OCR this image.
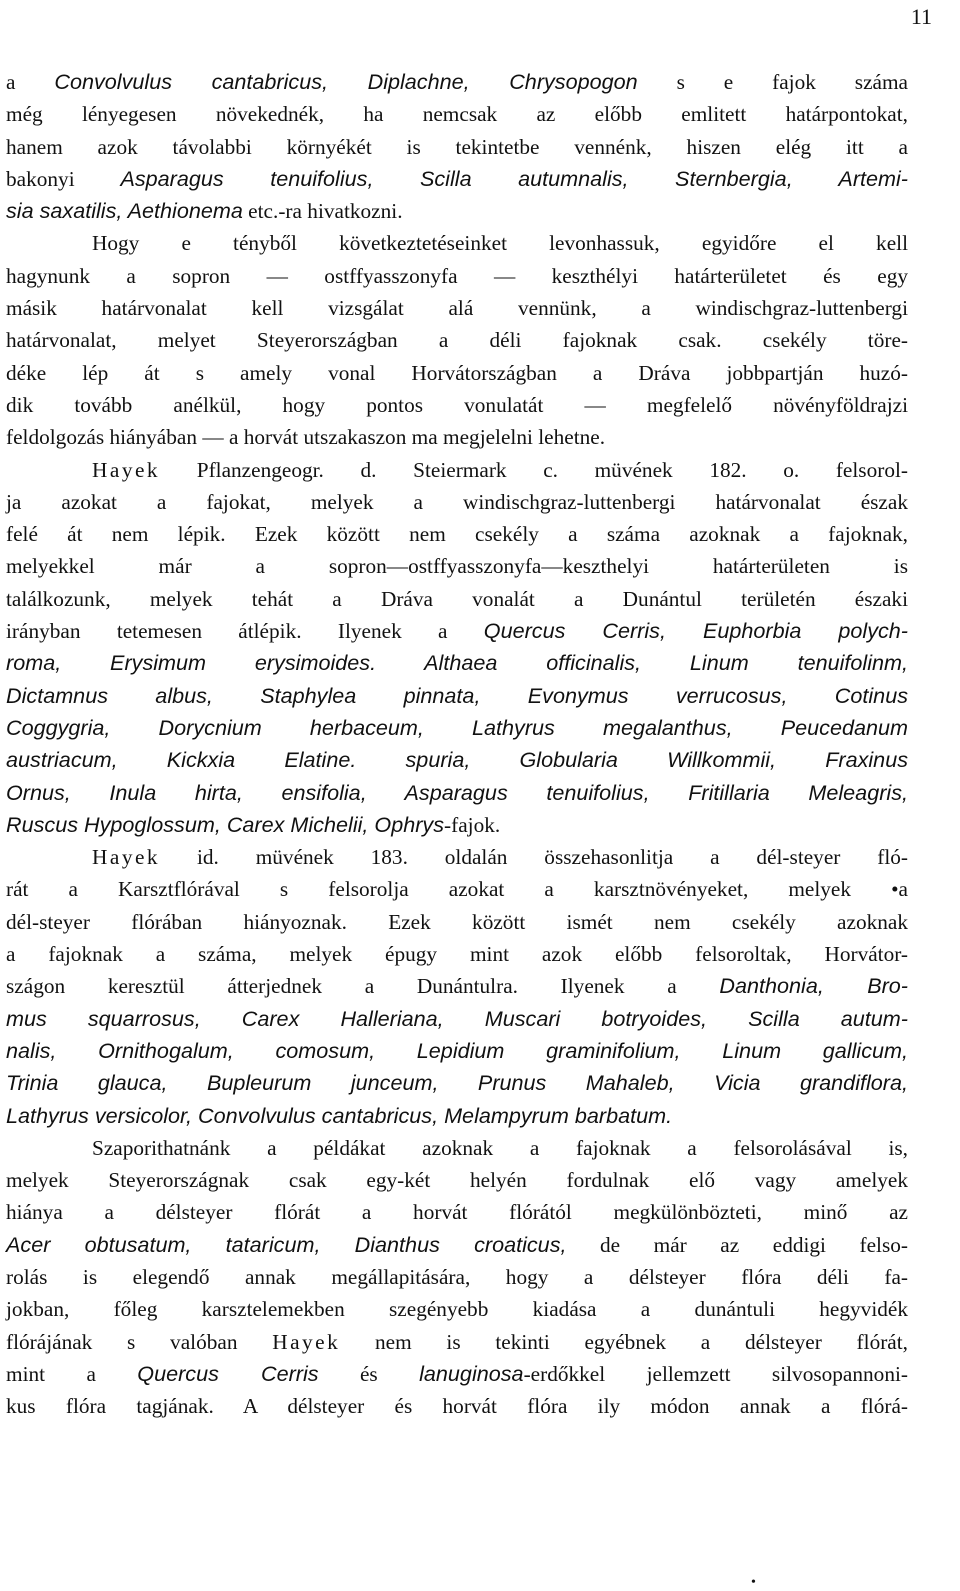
11
a Convolvulus cantabricus, Diplachne, Chrysopogon s e fajok száma
még lényegesen növekednék, ha nemcsak az előbb emlitett határpontokat,
hanem azok távolabbi környékét is tekintetbe vennénk, hiszen elég itt a
bakonyi Asparagus tenuifolius, Scilla autumnalis, Sternbergia, Artemi-
sia saxatilis, Aethionema etc.-ra hivatkozni.
Hogy e tényből következtetéseinket levonhassuk, egyidőre el kell
hagynunk a sopron — ostffyasszonyfa — keszthélyi határterületet és egy
másik határvonalat kell vizsgálat alá vennünk, a windischgraz-luttenbergi
határvonalat, melyet Steyerországban a déli fajoknak csak. csekély töre-
déke lép át s amely vonal Horvátországban a Dráva jobbpartján huzó-
dik tovább anélkül, hogy pontos vonulatát — megfelelő növényföldrajzi
feldolgozás hiányában — a horvát utszakaszon ma megjelelni lehetne.
Hayek Pflanzengeogr. d. Steiermark c. müvének 182. o. felsorol-
ja azokat a fajokat, melyek a windischgraz-luttenbergi határvonalat észak
felé át nem lépik. Ezek között nem csekély a száma azoknak a fajoknak,
melyekkel már a sopron—ostffyasszonyfa—keszthelyi határterületen is
találkozunk, melyek tehát a Dráva vonalát a Dunántul területén északi
irányban tetemesen átlépik. Ilyenek a Quercus Cerris, Euphorbia polych-
roma, Erysimum erysimoides. Althaea officinalis, Linum tenuifolinm,
Dictamnus albus, Staphylea pinnata, Evonymus verrucosus, Cotinus
Coggygria, Dorycnium herbaceum, Lathyrus megalanthus, Peucedanum
austriacum, Kickxia Elatine. spuria, Globularia Willkommii, Fraxinus
Ornus, Inula hirta, ensifolia, Asparagus tenuifolius, Fritillaria Meleagris,
Ruscus Hypoglossum, Carex Michelii, Ophrys-fajok.
Hayek id. müvének 183. oldalán összehasonlitja a dél-steyer fló-
rát a Karsztflórával s felsorolja azokat a karsztnövényeket, melyek •a
dél-steyer flórában hiányoznak. Ezek között ismét nem csekély azoknak
a fajoknak a száma, melyek épugy mint azok előbb felsoroltak, Horvátor-
szágon keresztül átterjednek a Dunántulra. Ilyenek a Danthonia, Bro-
mus squarrosus, Carex Halleriana, Muscari botryoides, Scilla autum-
nalis, Ornithogalum, comosum, Lepidium graminifolium, Linum gallicum,
Trinia glauca, Bupleurum junceum, Prunus Mahaleb, Vicia grandiflora,
Lathyrus versicolor, Convolvulus cantabricus, Melampyrum barbatum.
Szaporithatnánk a példákat azoknak a fajoknak a felsorolásával is,
melyek Steyerországnak csak egy-két helyén fordulnak elő vagy amelyek
hiánya a délsteyer flórát a horvát flórától megkülönbözteti, minő az
Acer obtusatum, tataricum, Dianthus croaticus, de már az eddigi felso-
rolás is elegendő annak megállapitására, hogy a délsteyer flóra déli fa-
jokban, főleg karsztelemekben szegényebb kiadása a dunántuli hegyvidék
flórájának s valóban Hayek nem is tekinti egyébnek a délsteyer flórát,
mint a Quercus Cerris és lanuginosa-erdőkkel jellemzett silvosopannoni-
kus flóra tagjának. A délsteyer és horvát flóra ily módon annak a flórá-
•
